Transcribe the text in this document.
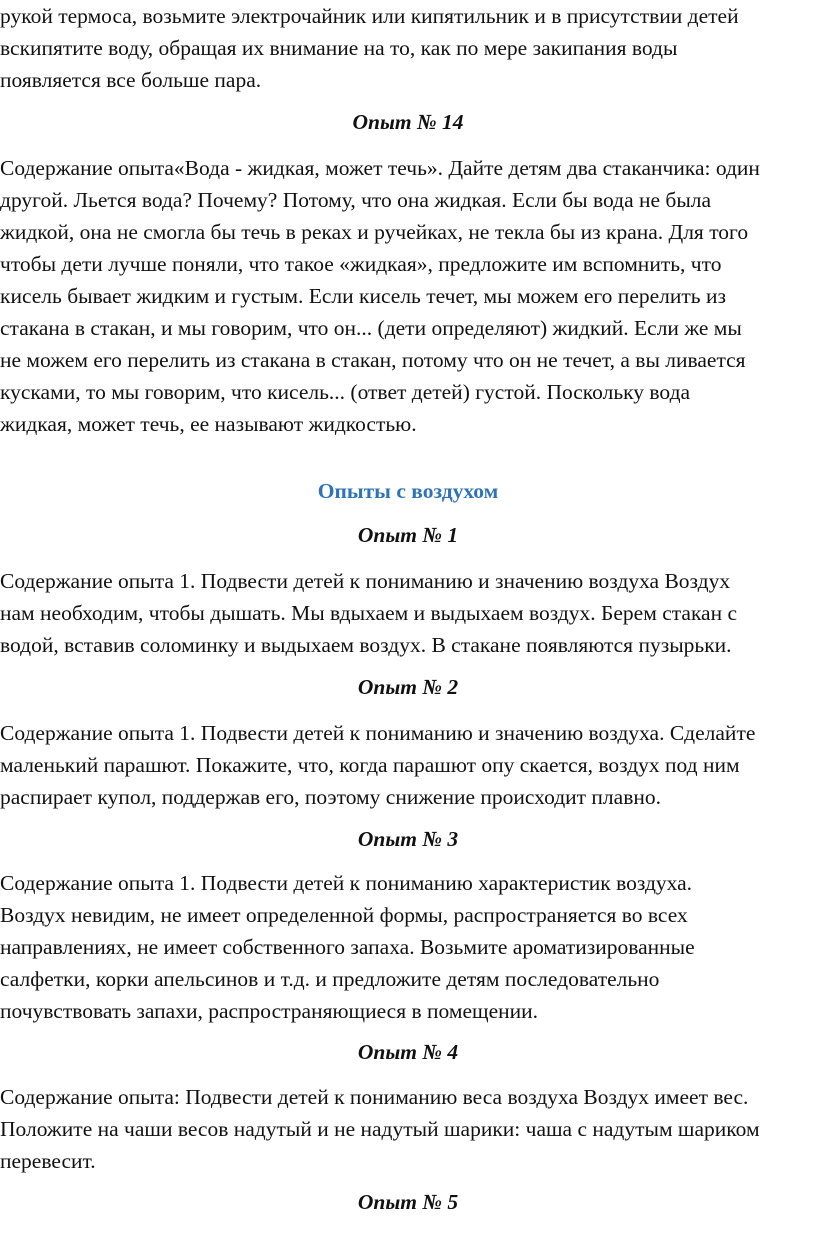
рукой термоса, возьмите электрочайник или кипятильник и в присутствии детей
вскипятите воду, обращая их внимание на то, как по мере закипания воды
появляется все больше пара.
Опыт № 14
Содержание опыта«Вода - жидкая, может течь». Дайте детям два стаканчика: один
другой. Льется вода? Почему? Потому, что она жидкая. Если бы вода не была
жидкой, она не смогла бы течь в реках и ручейках, не текла бы из крана. Для того
чтобы дети лучше поняли, что такое «жидкая», предложите им вспомнить, что
кисель бывает жидким и густым. Если кисель течет, мы можем его перелить из
стакана в стакан, и мы говорим, что он... (дети определяют) жидкий. Если же мы
не можем его перелить из стакана в стакан, потому что он не течет, а вы ливается
кусками, то мы говорим, что кисель... (ответ детей) густой. Поскольку вода
жидкая, может течь, ее называют жидкостью.
Опыты с воздухом
Опыт № 1
Содержание опыта 1. Подвести детей к пониманию и значению воздуха Воздух
нам необходим, чтобы дышать. Мы вдыхаем и выдыхаем воздух. Берем стакан с
водой, вставив соломинку и выдыхаем воздух. В стакане появляются пузырьки.
Опыт № 2
Содержание опыта 1. Подвести детей к пониманию и значению воздуха. Сделайте
маленький парашют. Покажите, что, когда парашют опу скается, воздух под ним
распирает купол, поддержав его, поэтому снижение происходит плавно.
Опыт № 3
Содержание опыта 1. Подвести детей к пониманию характеристик воздуха.
Воздух невидим, не имеет определенной формы, распространяется во всех
направлениях, не имеет собственного запаха. Возьмите ароматизированные
салфетки, корки апельсинов и т.д. и предложите детям последовательно
почувствовать запахи, распространяющиеся в помещении.
Опыт № 4
Содержание опыта: Подвести детей к пониманию веса воздуха Воздух имеет вес.
Положите на чаши весов надутый и не надутый шарики: чаша с надутым шариком
перевесит.
Опыт № 5
